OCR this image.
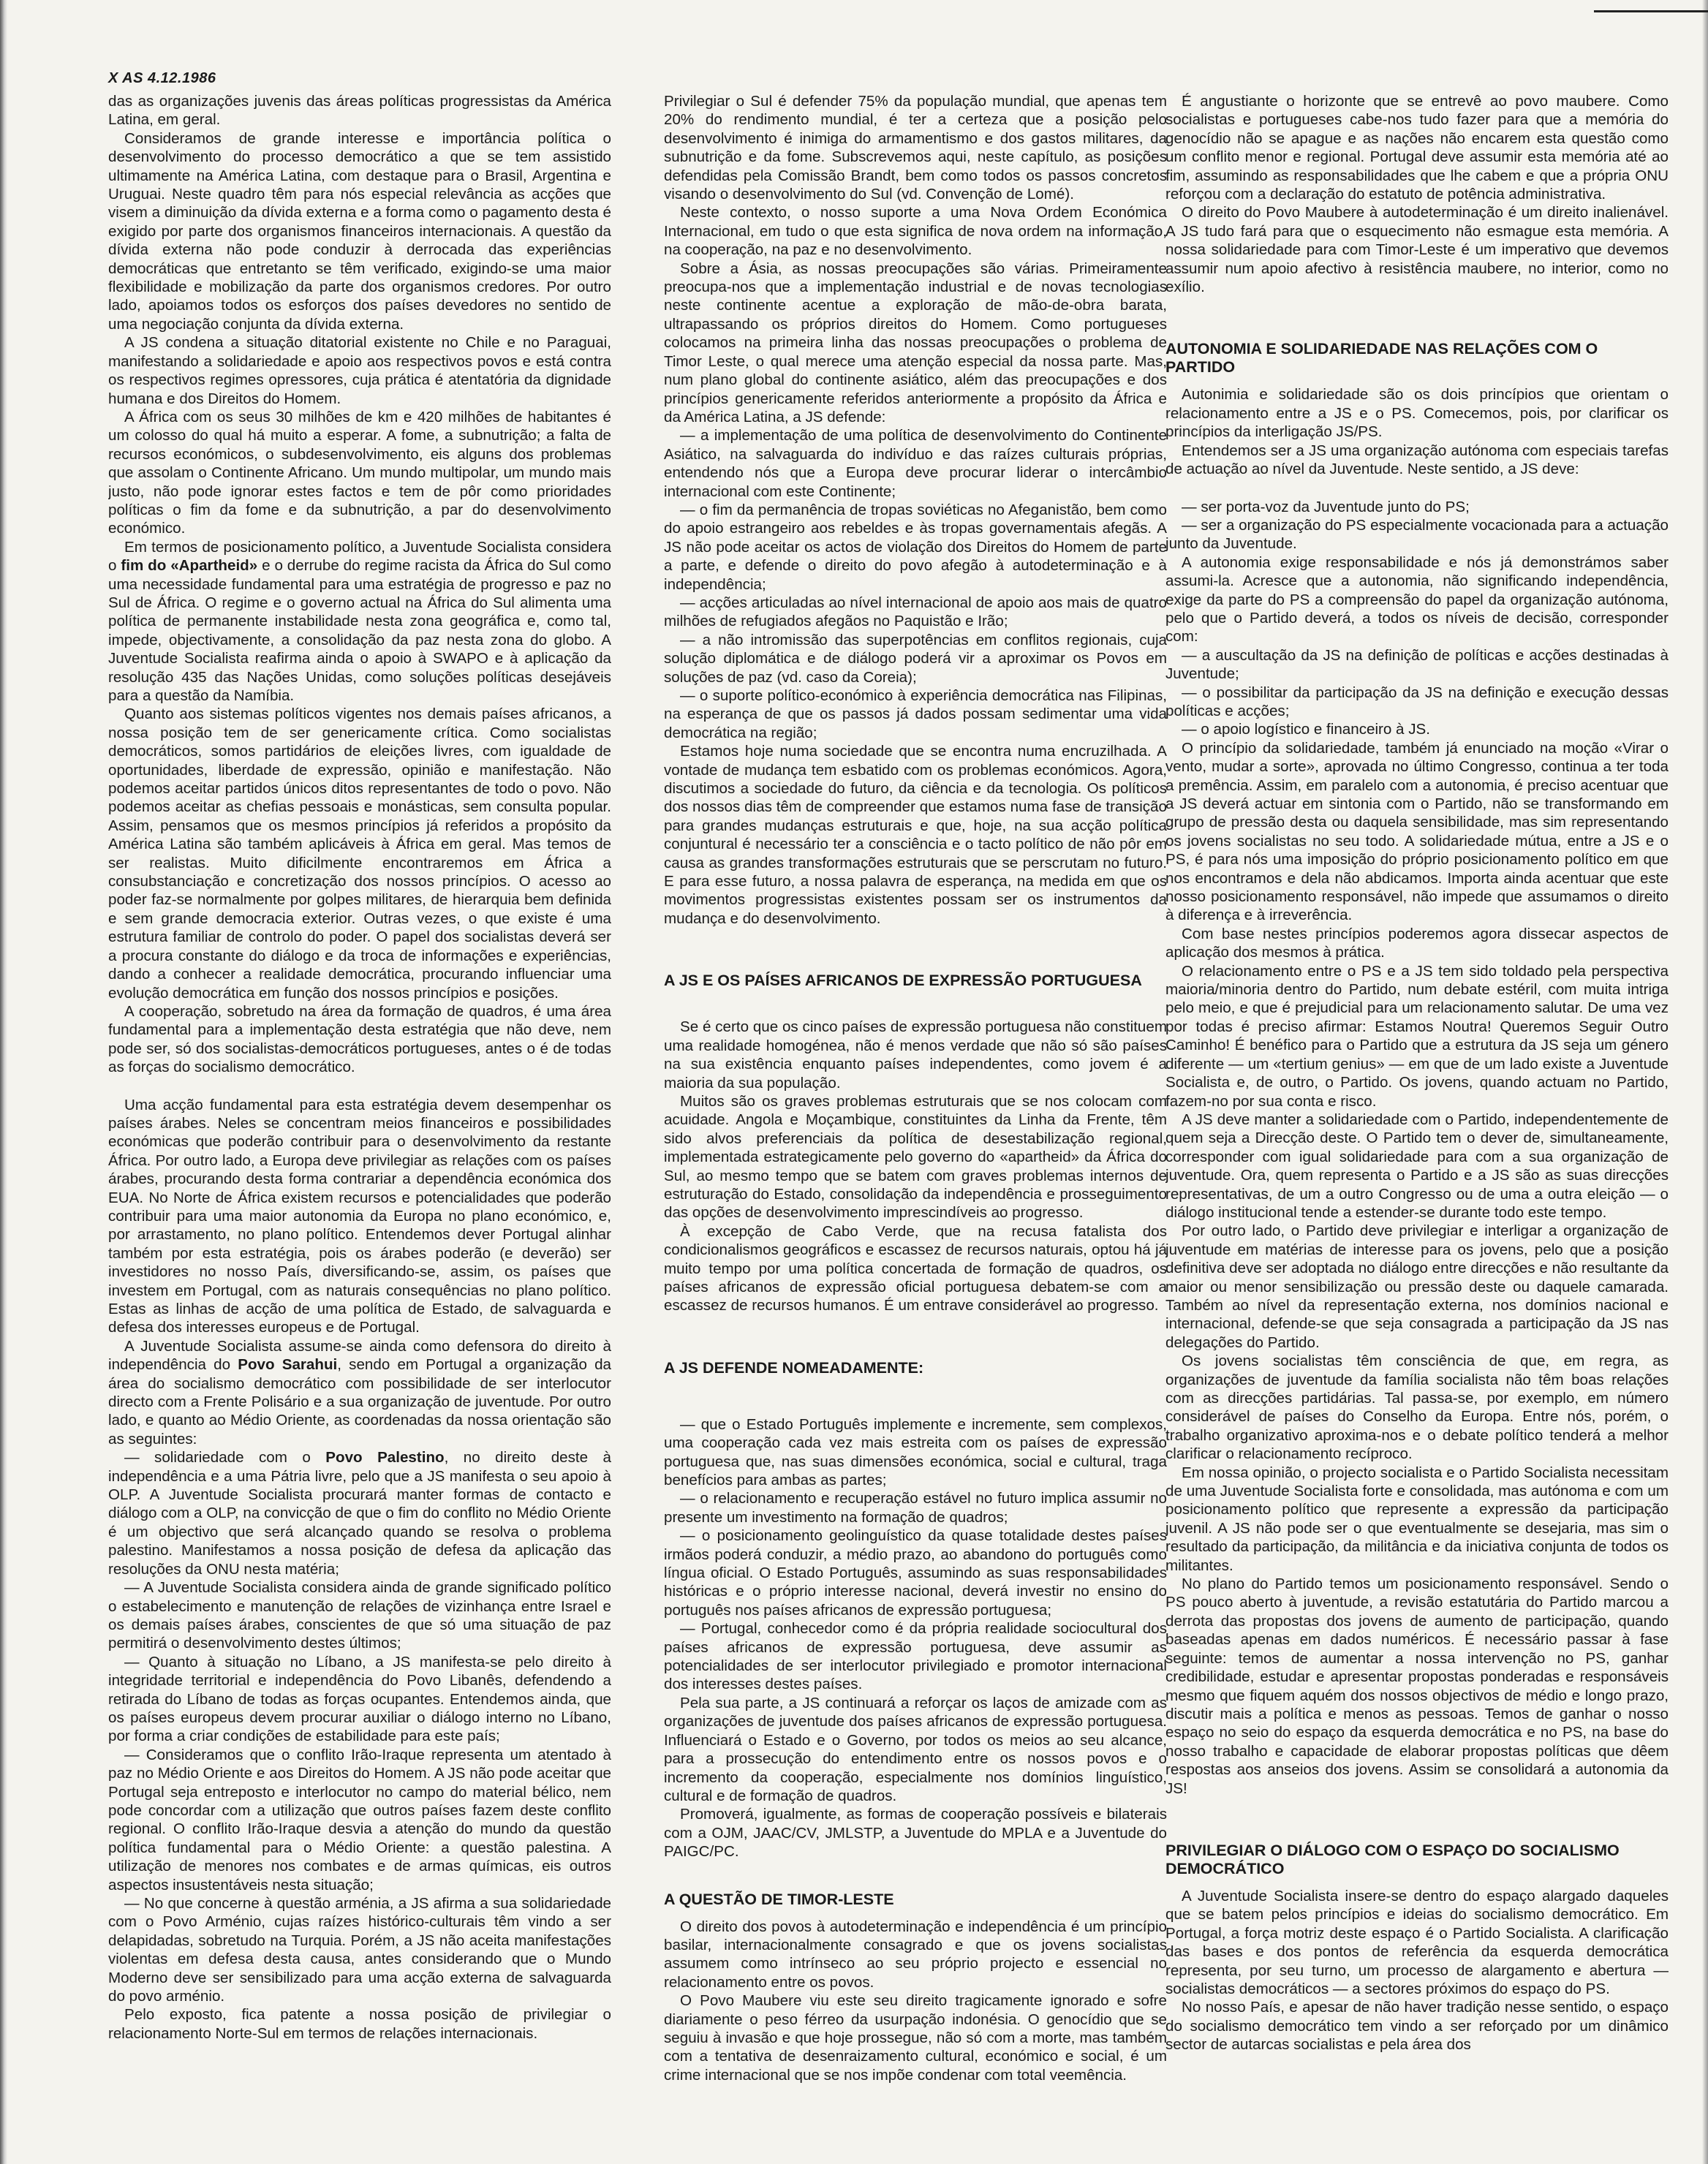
X AS 4.12.1986

das as organizações juvenis das áreas políticas progressistas da América Latina, em geral.

Consideramos de grande interesse e importância política o desenvolvimento do processo democrático a que se tem assistido ultimamente na América Latina, com destaque para o Brasil, Argentina e Uruguai. Neste quadro têm para nós especial relevância as acções que visem a diminuição da dívida externa e a forma como o pagamento desta é exigido por parte dos organismos financeiros internacionais. A questão da dívida externa não pode conduzir à derrocada das experiências democráticas que entretanto se têm verificado, exigindo-se uma maior flexibilidade e mobilização da parte dos organismos credores. Por outro lado, apoiamos todos os esforços dos países devedores no sentido de uma negociação conjunta da dívida externa.

A JS condena a situação ditatorial existente no Chile e no Paraguai, manifestando a solidariedade e apoio aos respectivos povos e está contra os respectivos regimes opressores, cuja prática é atentatória da dignidade humana e dos Direitos do Homem.

A África com os seus 30 milhões de km e 420 milhões de habitantes é um colosso do qual há muito a esperar. A fome, a subnutrição; a falta de recursos económicos, o subdesenvolvimento, eis alguns dos problemas que assolam o Continente Africano. Um mundo multipolar, um mundo mais justo, não pode ignorar estes factos e tem de pôr como prioridades políticas o fim da fome e da subnutrição, a par do desenvolvimento económico.

Em termos de posicionamento político, a Juventude Socialista considera o fim do «Apartheid» e o derrube do regime racista da África do Sul como uma necessidade fundamental para uma estratégia de progresso e paz no Sul de África. O regime e o governo actual na África do Sul alimenta uma política de permanente instabilidade nesta zona geográfica e, como tal, impede, objectivamente, a consolidação da paz nesta zona do globo. A Juventude Socialista reafirma ainda o apoio à SWAPO e à aplicação da resolução 435 das Nações Unidas, como soluções políticas desejáveis para a questão da Namíbia.

Quanto aos sistemas políticos vigentes nos demais países africanos, a nossa posição tem de ser genericamente crítica. Como socialistas democráticos, somos partidários de eleições livres, com igualdade de oportunidades, liberdade de expressão, opinião e manifestação. Não podemos aceitar partidos únicos ditos representantes de todo o povo. Não podemos aceitar as chefias pessoais e monásticas, sem consulta popular. Assim, pensamos que os mesmos princípios já referidos a propósito da América Latina são também aplicáveis à África em geral. Mas temos de ser realistas. Muito dificilmente encontraremos em África a consubstanciação e concretização dos nossos princípios. O acesso ao poder faz-se normalmente por golpes militares, de hierarquia bem definida e sem grande democracia exterior. Outras vezes, o que existe é uma estrutura familiar de controlo do poder. O papel dos socialistas deverá ser a procura constante do diálogo e da troca de informações e experiências, dando a conhecer a realidade democrática, procurando influenciar uma evolução democrática em função dos nossos princípios e posições.

A cooperação, sobretudo na área da formação de quadros, é uma área fundamental para a implementação desta estratégia que não deve, nem pode ser, só dos socialistas-democráticos portugueses, antes o é de todas as forças do socialismo democrático.

Uma acção fundamental para esta estratégia devem desempenhar os países árabes. Neles se concentram meios financeiros e possibilidades económicas que poderão contribuir para o desenvolvimento da restante África. Por outro lado, a Europa deve privilegiar as relações com os países árabes, procurando desta forma contrariar a dependência económica dos EUA. No Norte de África existem recursos e potencialidades que poderão contribuir para uma maior autonomia da Europa no plano económico, e, por arrastamento, no plano político. Entendemos dever Portugal alinhar também por esta estratégia, pois os árabes poderão (e deverão) ser investidores no nosso País, diversificando-se, assim, os países que investem em Portugal, com as naturais consequências no plano político. Estas as linhas de acção de uma política de Estado, de salvaguarda e defesa dos interesses europeus e de Portugal.

A Juventude Socialista assume-se ainda como defensora do direito à independência do Povo Sarahui, sendo em Portugal a organização da área do socialismo democrático com possibilidade de ser interlocutor directo com a Frente Polisário e a sua organização de juventude. Por outro lado, e quanto ao Médio Oriente, as coordenadas da nossa orientação são as seguintes:

— solidariedade com o Povo Palestino, no direito deste à independência e a uma Pátria livre, pelo que a JS manifesta o seu apoio à OLP. A Juventude Socialista procurará manter formas de contacto e diálogo com a OLP, na convicção de que o fim do conflito no Médio Oriente é um objectivo que será alcançado quando se resolva o problema palestino. Manifestamos a nossa posição de defesa da aplicação das resoluções da ONU nesta matéria;

— A Juventude Socialista considera ainda de grande significado político o estabelecimento e manutenção de relações de vizinhança entre Israel e os demais países árabes, conscientes de que só uma situação de paz permitirá o desenvolvimento destes últimos;

— Quanto à situação no Líbano, a JS manifesta-se pelo direito à integridade territorial e independência do Povo Libanês, defendendo a retirada do Líbano de todas as forças ocupantes. Entendemos ainda, que os países europeus devem procurar auxiliar o diálogo interno no Líbano, por forma a criar condições de estabilidade para este país;

— Consideramos que o conflito Irão-Iraque representa um atentado à paz no Médio Oriente e aos Direitos do Homem. A JS não pode aceitar que Portugal seja entreposto e interlocutor no campo do material bélico, nem pode concordar com a utilização que outros países fazem deste conflito regional. O conflito Irão-Iraque desvia a atenção do mundo da questão política fundamental para o Médio Oriente: a questão palestina. A utilização de menores nos combates e de armas químicas, eis outros aspectos insustentáveis nesta situação;

— No que concerne à questão arménia, a JS afirma a sua solidariedade com o Povo Arménio, cujas raízes histórico-culturais têm vindo a ser delapidadas, sobretudo na Turquia. Porém, a JS não aceita manifestações violentas em defesa desta causa, antes considerando que o Mundo Moderno deve ser sensibilizado para uma acção externa de salvaguarda do povo arménio.

Pelo exposto, fica patente a nossa posição de privilegiar o relacionamento Norte-Sul em termos de relações internacionais.

Privilegiar o Sul é defender 75% da população mundial, que apenas tem 20% do rendimento mundial, é ter a certeza que a posição pelo desenvolvimento é inimiga do armamentismo e dos gastos militares, da subnutrição e da fome. Subscrevemos aqui, neste capítulo, as posições defendidas pela Comissão Brandt, bem como todos os passos concretos visando o desenvolvimento do Sul (vd. Convenção de Lomé).

Neste contexto, o nosso suporte a uma Nova Ordem Económica Internacional, em tudo o que esta significa de nova ordem na informação, na cooperação, na paz e no desenvolvimento.

Sobre a Ásia, as nossas preocupações são várias. Primeiramente preocupa-nos que a implementação industrial e de novas tecnologias neste continente acentue a exploração de mão-de-obra barata, ultrapassando os próprios direitos do Homem. Como portugueses colocamos na primeira linha das nossas preocupações o problema de Timor Leste, o qual merece uma atenção especial da nossa parte. Mas, num plano global do continente asiático, além das preocupações e dos princípios genericamente referidos anteriormente a propósito da África e da América Latina, a JS defende:

— a implementação de uma política de desenvolvimento do Continente Asiático, na salvaguarda do indivíduo e das raízes culturais próprias, entendendo nós que a Europa deve procurar liderar o intercâmbio internacional com este Continente;

— o fim da permanência de tropas soviéticas no Afeganistão, bem como do apoio estrangeiro aos rebeldes e às tropas governamentais afegãs. A JS não pode aceitar os actos de violação dos Direitos do Homem de parte a parte, e defende o direito do povo afegão à autodeterminação e à independência;

— acções articuladas ao nível internacional de apoio aos mais de quatro milhões de refugiados afegãos no Paquistão e Irão;

— a não intromissão das superpotências em conflitos regionais, cuja solução diplomática e de diálogo poderá vir a aproximar os Povos em soluções de paz (vd. caso da Coreia);

— o suporte político-económico à experiência democrática nas Filipinas, na esperança de que os passos já dados possam sedimentar uma vida democrática na região;

Estamos hoje numa sociedade que se encontra numa encruzilhada. A vontade de mudança tem esbatido com os problemas económicos. Agora, discutimos a sociedade do futuro, da ciência e da tecnologia. Os políticos dos nossos dias têm de compreender que estamos numa fase de transição para grandes mudanças estruturais e que, hoje, na sua acção política conjuntural é necessário ter a consciência e o tacto político de não pôr em causa as grandes transformações estruturais que se perscrutam no futuro. E para esse futuro, a nossa palavra de esperança, na medida em que os movimentos progressistas existentes possam ser os instrumentos da mudança e do desenvolvimento.

A JS E OS PAÍSES AFRICANOS DE EXPRESSÃO PORTUGUESA

Se é certo que os cinco países de expressão portuguesa não constituem uma realidade homogénea, não é menos verdade que não só são países na sua existência enquanto países independentes, como jovem é a maioria da sua população.

Muitos são os graves problemas estruturais que se nos colocam com acuidade. Angola e Moçambique, constituintes da Linha da Frente, têm sido alvos preferenciais da política de desestabilização regional, implementada estrategicamente pelo governo do «apartheid» da África do Sul, ao mesmo tempo que se batem com graves problemas internos de estruturação do Estado, consolidação da independência e prosseguimento das opções de desenvolvimento imprescindíveis ao progresso.

À excepção de Cabo Verde, que na recusa fatalista dos condicionalismos geográficos e escassez de recursos naturais, optou há já muito tempo por uma política concertada de formação de quadros, os países africanos de expressão oficial portuguesa debatem-se com a escassez de recursos humanos. É um entrave considerável ao progresso.

A JS DEFENDE NOMEADAMENTE:

— que o Estado Português implemente e incremente, sem complexos, uma cooperação cada vez mais estreita com os países de expressão portuguesa que, nas suas dimensões económica, social e cultural, traga benefícios para ambas as partes;

— o relacionamento e recuperação estável no futuro implica assumir no presente um investimento na formação de quadros;

— o posicionamento geolinguístico da quase totalidade destes países irmãos poderá conduzir, a médio prazo, ao abandono do português como língua oficial. O Estado Português, assumindo as suas responsabilidades históricas e o próprio interesse nacional, deverá investir no ensino do português nos países africanos de expressão portuguesa;

— Portugal, conhecedor como é da própria realidade sociocultural dos países africanos de expressão portuguesa, deve assumir as potencialidades de ser interlocutor privilegiado e promotor internacional dos interesses destes países.

Pela sua parte, a JS continuará a reforçar os laços de amizade com as organizações de juventude dos países africanos de expressão portuguesa. Influenciará o Estado e o Governo, por todos os meios ao seu alcance, para a prossecução do entendimento entre os nossos povos e o incremento da cooperação, especialmente nos domínios linguístico, cultural e de formação de quadros.

Promoverá, igualmente, as formas de cooperação possíveis e bilaterais com a OJM, JAAC/CV, JMLSTP, a Juventude do MPLA e a Juventude do PAIGC/PC.

A QUESTÃO DE TIMOR-LESTE

O direito dos povos à autodeterminação e independência é um princípio basilar, internacionalmente consagrado e que os jovens socialistas assumem como intrínseco ao seu próprio projecto e essencial no relacionamento entre os povos.

O Povo Maubere viu este seu direito tragicamente ignorado e sofre diariamente o peso férreo da usurpação indonésia. O genocídio que se seguiu à invasão e que hoje prossegue, não só com a morte, mas também com a tentativa de desenraizamento cultural, económico e social, é um crime internacional que se nos impõe condenar com total veemência.

É angustiante o horizonte que se entrevê ao povo maubere. Como socialistas e portugueses cabe-nos tudo fazer para que a memória do genocídio não se apague e as nações não encarem esta questão como um conflito menor e regional. Portugal deve assumir esta memória até ao fim, assumindo as responsabilidades que lhe cabem e que a própria ONU reforçou com a declaração do estatuto de potência administrativa.

O direito do Povo Maubere à autodeterminação é um direito inalienável. A JS tudo fará para que o esquecimento não esmague esta memória. A nossa solidariedade para com Timor-Leste é um imperativo que devemos assumir num apoio afectivo à resistência maubere, no interior, como no exílio.

AUTONOMIA E SOLIDARIEDADE NAS RELAÇÕES COM O PARTIDO

Autonimia e solidariedade são os dois princípios que orientam o relacionamento entre a JS e o PS. Comecemos, pois, por clarificar os princípios da interligação JS/PS.

Entendemos ser a JS uma organização autónoma com especiais tarefas de actuação ao nível da Juventude. Neste sentido, a JS deve:

— ser porta-voz da Juventude junto do PS;

— ser a organização do PS especialmente vocacionada para a actuação junto da Juventude.

A autonomia exige responsabilidade e nós já demonstrámos saber assumi-la. Acresce que a autonomia, não significando independência, exige da parte do PS a compreensão do papel da organização autónoma, pelo que o Partido deverá, a todos os níveis de decisão, corresponder com:

— a auscultação da JS na definição de políticas e acções destinadas à Juventude;

— o possibilitar da participação da JS na definição e execução dessas políticas e acções;

— o apoio logístico e financeiro à JS.

O princípio da solidariedade, também já enunciado na moção «Virar o vento, mudar a sorte», aprovada no último Congresso, continua a ter toda a premência. Assim, em paralelo com a autonomia, é preciso acentuar que a JS deverá actuar em sintonia com o Partido, não se transformando em grupo de pressão desta ou daquela sensibilidade, mas sim representando os jovens socialistas no seu todo. A solidariedade mútua, entre a JS e o PS, é para nós uma imposição do próprio posicionamento político em que nos encontramos e dela não abdicamos. Importa ainda acentuar que este nosso posicionamento responsável, não impede que assumamos o direito à diferença e à irreverência.

Com base nestes princípios poderemos agora dissecar aspectos de aplicação dos mesmos à prática.

O relacionamento entre o PS e a JS tem sido toldado pela perspectiva maioria/minoria dentro do Partido, num debate estéril, com muita intriga pelo meio, e que é prejudicial para um relacionamento salutar. De uma vez por todas é preciso afirmar: Estamos Noutra! Queremos Seguir Outro Caminho! É benéfico para o Partido que a estrutura da JS seja um género diferente — um «tertium genius» — em que de um lado existe a Juventude Socialista e, de outro, o Partido. Os jovens, quando actuam no Partido, fazem-no por sua conta e risco.

A JS deve manter a solidariedade com o Partido, independentemente de quem seja a Direcção deste. O Partido tem o dever de, simultaneamente, corresponder com igual solidariedade para com a sua organização de juventude. Ora, quem representa o Partido e a JS são as suas direcções representativas, de um a outro Congresso ou de uma a outra eleição — o diálogo institucional tende a estender-se durante todo este tempo.

Por outro lado, o Partido deve privilegiar e interligar a organização de juventude em matérias de interesse para os jovens, pelo que a posição definitiva deve ser adoptada no diálogo entre direcções e não resultante da maior ou menor sensibilização ou pressão deste ou daquele camarada. Também ao nível da representação externa, nos domínios nacional e internacional, defende-se que seja consagrada a participação da JS nas delegações do Partido.

Os jovens socialistas têm consciência de que, em regra, as organizações de juventude da família socialista não têm boas relações com as direcções partidárias. Tal passa-se, por exemplo, em número considerável de países do Conselho da Europa. Entre nós, porém, o trabalho organizativo aproxima-nos e o debate político tenderá a melhor clarificar o relacionamento recíproco.

Em nossa opinião, o projecto socialista e o Partido Socialista necessitam de uma Juventude Socialista forte e consolidada, mas autónoma e com um posicionamento político que represente a expressão da participação juvenil. A JS não pode ser o que eventualmente se desejaria, mas sim o resultado da participação, da militância e da iniciativa conjunta de todos os militantes.

No plano do Partido temos um posicionamento responsável. Sendo o PS pouco aberto à juventude, a revisão estatutária do Partido marcou a derrota das propostas dos jovens de aumento de participação, quando baseadas apenas em dados numéricos. É necessário passar à fase seguinte: temos de aumentar a nossa intervenção no PS, ganhar credibilidade, estudar e apresentar propostas ponderadas e responsáveis mesmo que fiquem aquém dos nossos objectivos de médio e longo prazo, discutir mais a política e menos as pessoas. Temos de ganhar o nosso espaço no seio do espaço da esquerda democrática e no PS, na base do nosso trabalho e capacidade de elaborar propostas políticas que dêem respostas aos anseios dos jovens. Assim se consolidará a autonomia da JS!

PRIVILEGIAR O DIÁLOGO COM O ESPAÇO DO SOCIALISMO DEMOCRÁTICO

A Juventude Socialista insere-se dentro do espaço alargado daqueles que se batem pelos princípios e ideias do socialismo democrático. Em Portugal, a força motriz deste espaço é o Partido Socialista. A clarificação das bases e dos pontos de referência da esquerda democrática representa, por seu turno, um processo de alargamento e abertura — socialistas democráticos — a sectores próximos do espaço do PS.

No nosso País, e apesar de não haver tradição nesse sentido, o espaço do socialismo democrático tem vindo a ser reforçado por um dinâmico sector de autarcas socialistas e pela área dos
